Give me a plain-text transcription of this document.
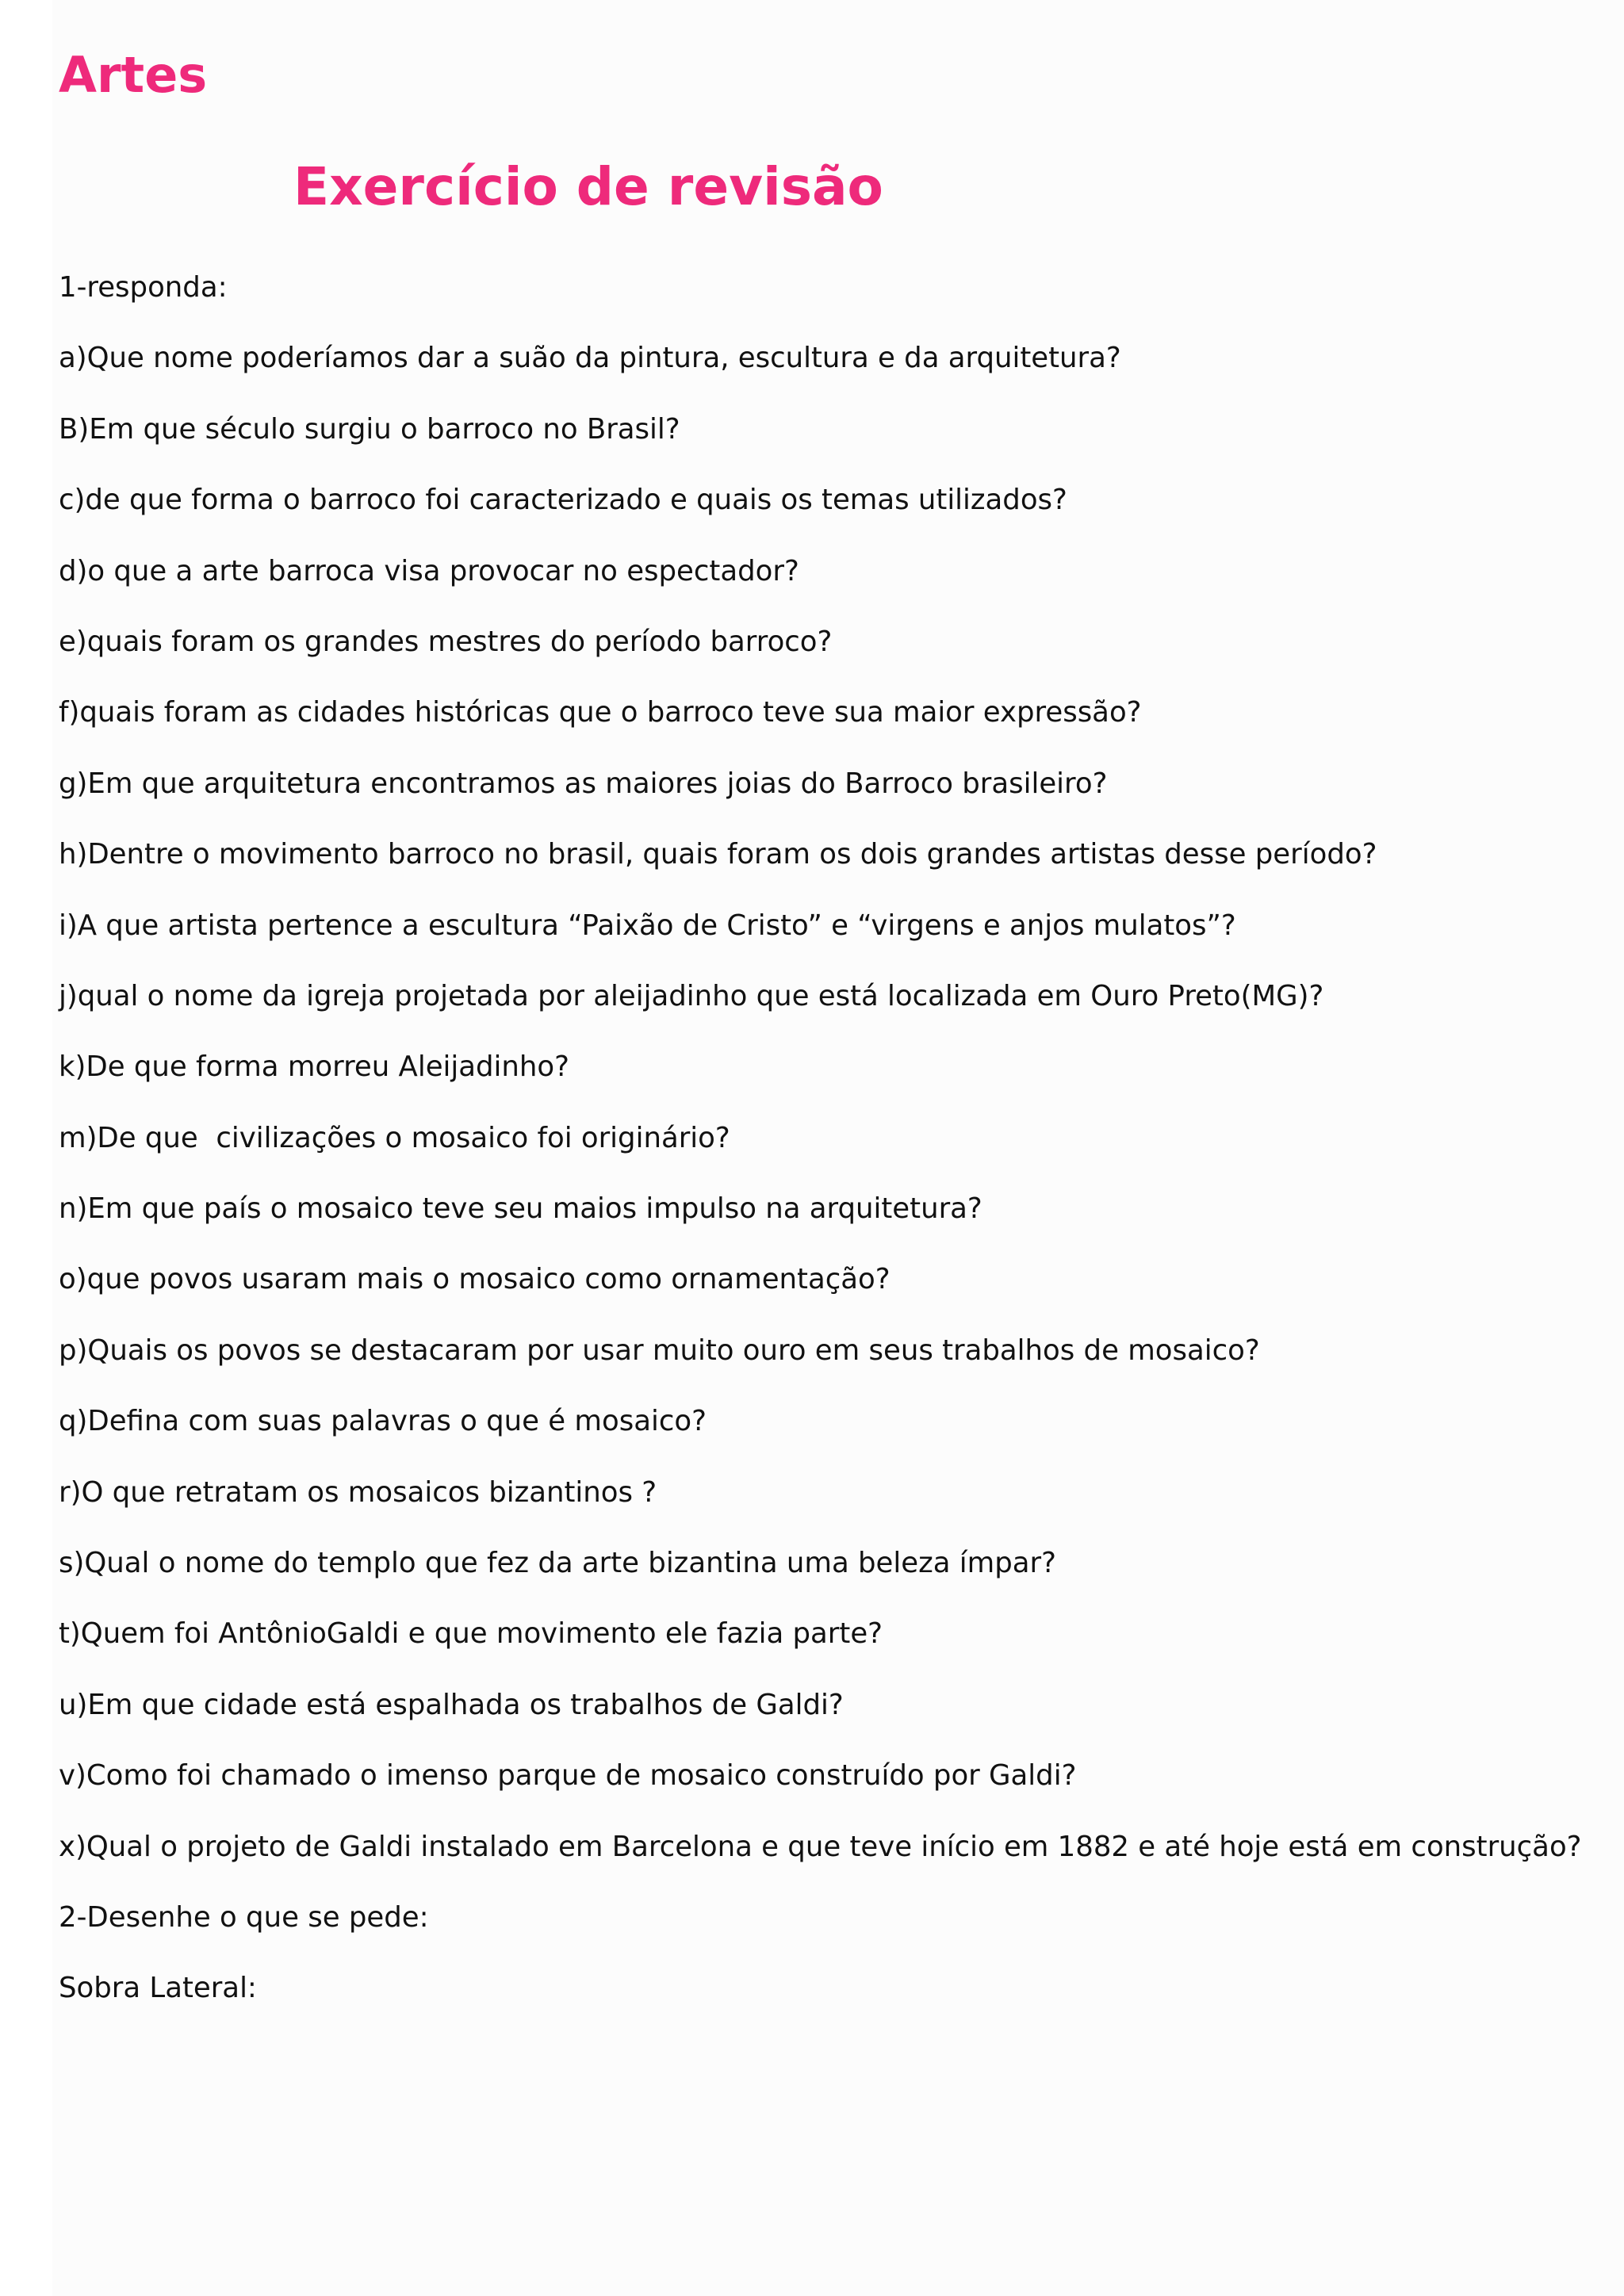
Artes
Exercício de revisão
1-responda:
a)Que nome poderíamos dar a suão da pintura, escultura e da arquitetura?
B)Em que século surgiu o barroco no Brasil?
c)de que forma o barroco foi caracterizado e quais os temas utilizados?
d)o que a arte barroca visa provocar no espectador?
e)quais foram os grandes mestres do período barroco?
f)quais foram as cidades históricas que o barroco teve sua maior expressão?
g)Em que arquitetura encontramos as maiores joias do Barroco brasileiro?
h)Dentre o movimento barroco no brasil, quais foram os dois grandes artistas desse período?
i)A que artista pertence a escultura “Paixão de Cristo” e “virgens e anjos mulatos”?
j)qual o nome da igreja projetada por aleijadinho que está localizada em Ouro Preto(MG)?
k)De que forma morreu Aleijadinho?
m)De que  civilizações o mosaico foi originário?
n)Em que país o mosaico teve seu maios impulso na arquitetura?
o)que povos usaram mais o mosaico como ornamentação?
p)Quais os povos se destacaram por usar muito ouro em seus trabalhos de mosaico?
q)Defina com suas palavras o que é mosaico?
r)O que retratam os mosaicos bizantinos ?
s)Qual o nome do templo que fez da arte bizantina uma beleza ímpar?
t)Quem foi AntônioGaldi e que movimento ele fazia parte?
u)Em que cidade está espalhada os trabalhos de Galdi?
v)Como foi chamado o imenso parque de mosaico construído por Galdi?
x)Qual o projeto de Galdi instalado em Barcelona e que teve início em 1882 e até hoje está em construção?
2-Desenhe o que se pede:
Sobra Lateral:
